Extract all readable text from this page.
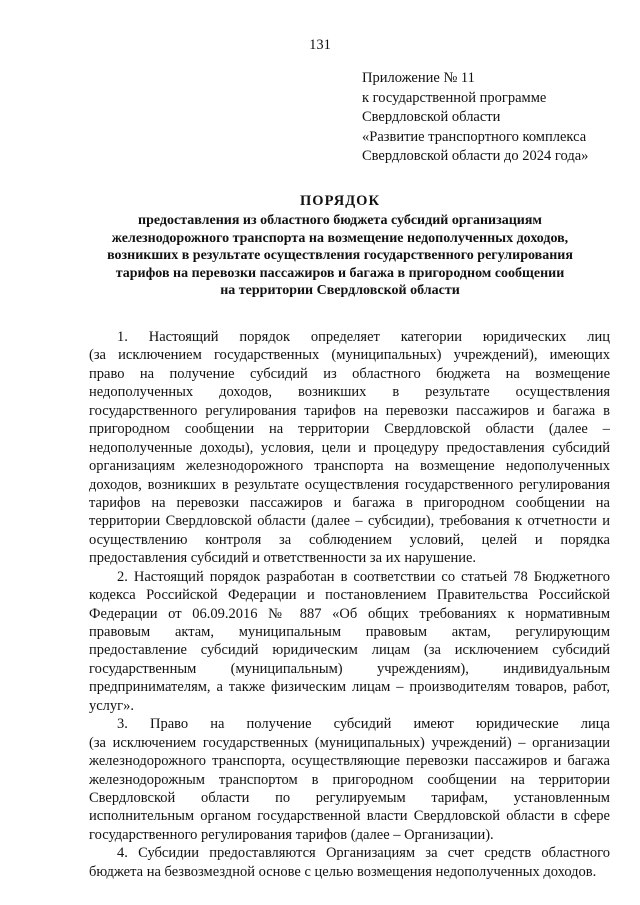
131
Приложение № 11
к государственной программе
Свердловской области
«Развитие транспортного комплекса
Свердловской области до 2024 года»
ПОРЯДОК
предоставления из областного бюджета субсидий организациям
железнодорожного транспорта на возмещение недополученных доходов,
возникших в результате осуществления государственного регулирования
тарифов на перевозки пассажиров и багажа в пригородном сообщении
на территории Свердловской области
1. Настоящий порядок определяет категории юридических лиц
(за исключением государственных (муниципальных) учреждений), имеющих
право на получение субсидий из областного бюджета на возмещение
недополученных доходов, возникших в результате осуществления
государственного регулирования тарифов на перевозки пассажиров и багажа в
пригородном сообщении на территории Свердловской области (далее –
недополученные доходы), условия, цели и процедуру предоставления субсидий
организациям железнодорожного транспорта на возмещение недополученных
доходов, возникших в результате осуществления государственного регулирования
тарифов на перевозки пассажиров и багажа в пригородном сообщении на
территории Свердловской области (далее – субсидии), требования к отчетности и
осуществлению контроля за соблюдением условий, целей и порядка
предоставления субсидий и ответственности за их нарушение.
2. Настоящий порядок разработан в соответствии со статьей 78 Бюджетного
кодекса Российской Федерации и постановлением Правительства Российской
Федерации от 06.09.2016 № 887 «Об общих требованиях к нормативным
правовым актам, муниципальным правовым актам, регулирующим
предоставление субсидий юридическим лицам (за исключением субсидий
государственным (муниципальным) учреждениям), индивидуальным
предпринимателям, а также физическим лицам – производителям товаров, работ,
услуг».
3. Право на получение субсидий имеют юридические лица
(за исключением государственных (муниципальных) учреждений) – организации
железнодорожного транспорта, осуществляющие перевозки пассажиров и багажа
железнодорожным транспортом в пригородном сообщении на территории
Свердловской области по регулируемым тарифам, установленным
исполнительным органом государственной власти Свердловской области в сфере
государственного регулирования тарифов (далее – Организации).
4. Субсидии предоставляются Организациям за счет средств областного
бюджета на безвозмездной основе с целью возмещения недополученных доходов.
